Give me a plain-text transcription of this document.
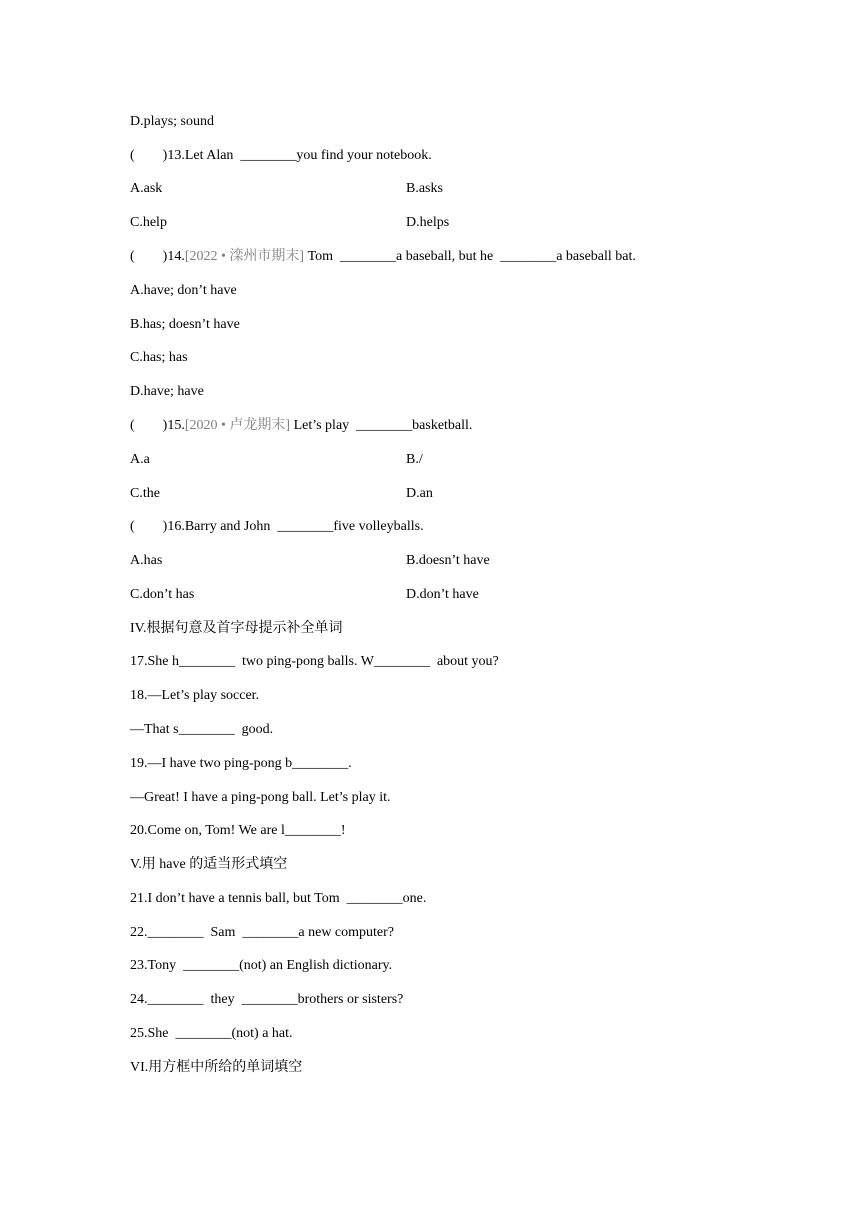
D.plays; sound
(        )13.Let Alan  ________you find your notebook.
A.ask	B.asks
C.help	D.helps
(        )14.[2022 • 滦州市期末] Tom  ________a baseball, but he  ________a baseball bat.
A.have; don’t have
B.has; doesn’t have
C.has; has
D.have; have
(        )15.[2020 • 卢龙期末] Let’s play  ________basketball.
A.a	B./
C.the	D.an
(        )16.Barry and John  ________five volleyballs.
A.has	B.doesn’t have
C.don’t has	D.don’t have
IV.根据句意及首字母提示补全单词
17.She h________  two ping-pong balls. W________  about you?
18.—Let’s play soccer.
—That s________  good.
19.—I have two ping-pong b________.
—Great! I have a ping-pong ball. Let’s play it.
20.Come on, Tom! We are l________!
V.用 have 的适当形式填空
21.I don’t have a tennis ball, but Tom  ________one.
22.________  Sam  ________a new computer?
23.Tony  ________(not) an English dictionary.
24.________  they  ________brothers or sisters?
25.She  ________(not) a hat.
VI.用方框中所给的单词填空
